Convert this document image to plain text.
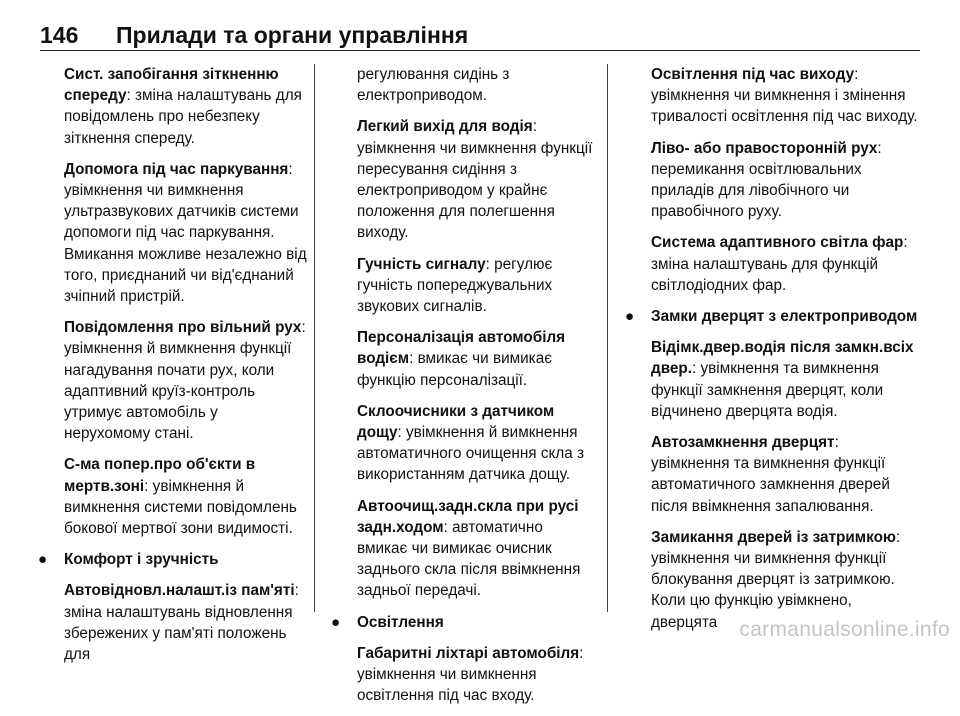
146 Прилади та органи управління

Сист. запобігання зіткненню спереду: зміна налаштувань для повідомлень про небезпеку зіткнення спереду.

Допомога під час паркування: увімкнення чи вимкнення ультразвукових датчиків системи допомоги під час паркування. Вмикання можливе незалежно від того, приєднаний чи від'єднаний зчіпний пристрій.

Повідомлення про вільний рух: увімкнення й вимкнення функції нагадування почати рух, коли адаптивний круїз-контроль утримує автомобіль у нерухомому стані.

С-ма попер.про об'єкти в мертв.зоні: увімкнення й вимкнення системи повідомлень бокової мертвої зони видимості.

● Комфорт і зручність

Автовідновл.налашт.із пам'яті: зміна налаштувань відновлення збережених у пам'яті положень для

регулювання сидінь з електроприводом.

Легкий вихід для водія: увімкнення чи вимкнення функції пересування сидіння з електроприводом у крайнє положення для полегшення виходу.

Гучність сигналу: регулює гучність попереджувальних звукових сигналів.

Персоналізація автомобіля водієм: вмикає чи вимикає функцію персоналізації.

Склоочисники з датчиком дощу: увімкнення й вимкнення автоматичного очищення скла з використанням датчика дощу.

Автоочищ.задн.скла при русі задн.ходом: автоматично вмикає чи вимикає очисник заднього скла після ввімкнення задньої передачі.

● Освітлення

Габаритні ліхтарі автомобіля: увімкнення чи вимкнення освітлення під час входу.

Освітлення під час виходу: увімкнення чи вимкнення і змінення тривалості освітлення під час виходу.

Ліво- або правосторонній рух: перемикання освітлювальних приладів для лівобічного чи правобічного руху.

Система адаптивного світла фар: зміна налаштувань для функцій світлодіодних фар.

● Замки дверцят з електроприводом

Відімк.двер.водія після замкн.всіх двер.: увімкнення та вимкнення функції замкнення дверцят, коли відчинено дверцята водія.

Автозамкнення дверцят: увімкнення та вимкнення функції автоматичного замкнення дверей після ввімкнення запалювання.

Замикання дверей із затримкою: увімкнення чи вимкнення функції блокування дверцят із затримкою. Коли цю функцію увімкнено, дверцята	carmanualsonline.info
